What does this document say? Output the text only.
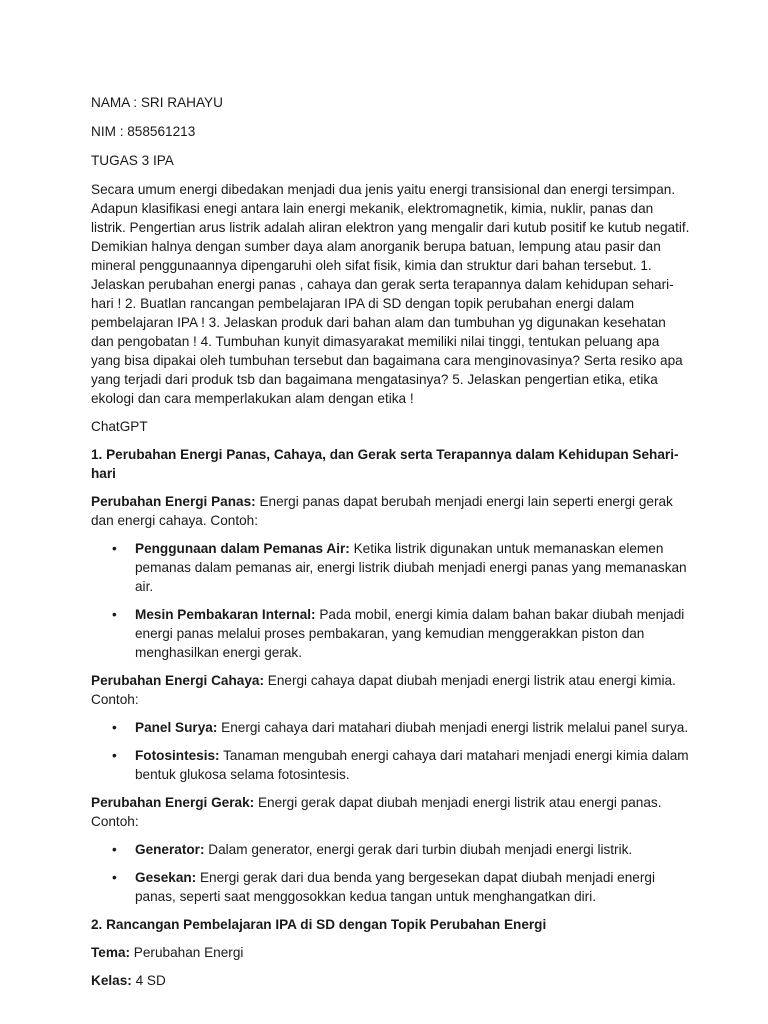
NAMA : SRI RAHAYU

NIM : 858561213

TUGAS 3 IPA

Secara umum energi dibedakan menjadi dua jenis yaitu energi transisional dan energi tersimpan. Adapun klasifikasi enegi antara lain energi mekanik, elektromagnetik, kimia, nuklir, panas dan listrik. Pengertian arus listrik adalah aliran elektron yang mengalir dari kutub positif ke kutub negatif. Demikian halnya dengan sumber daya alam anorganik berupa batuan, lempung atau pasir dan mineral penggunaannya dipengaruhi oleh sifat fisik, kimia dan struktur dari bahan tersebut. 1. Jelaskan perubahan energi panas , cahaya dan gerak serta terapannya dalam kehidupan sehari-hari ! 2. Buatlan rancangan pembelajaran IPA di SD dengan topik perubahan energi dalam pembelajaran IPA ! 3. Jelaskan produk dari bahan alam dan tumbuhan yg digunakan kesehatan dan pengobatan ! 4. Tumbuhan kunyit dimasyarakat memiliki nilai tinggi, tentukan peluang apa yang bisa dipakai oleh tumbuhan tersebut dan bagaimana cara menginovasinya? Serta resiko apa yang terjadi dari produk tsb dan bagaimana mengatasinya? 5. Jelaskan pengertian etika, etika ekologi dan cara memperlakukan alam dengan etika !

ChatGPT

1. Perubahan Energi Panas, Cahaya, dan Gerak serta Terapannya dalam Kehidupan Sehari-hari

Perubahan Energi Panas: Energi panas dapat berubah menjadi energi lain seperti energi gerak dan energi cahaya. Contoh:

• Penggunaan dalam Pemanas Air: Ketika listrik digunakan untuk memanaskan elemen pemanas dalam pemanas air, energi listrik diubah menjadi energi panas yang memanaskan air.
• Mesin Pembakaran Internal: Pada mobil, energi kimia dalam bahan bakar diubah menjadi energi panas melalui proses pembakaran, yang kemudian menggerakkan piston dan menghasilkan energi gerak.

Perubahan Energi Cahaya: Energi cahaya dapat diubah menjadi energi listrik atau energi kimia. Contoh:

• Panel Surya: Energi cahaya dari matahari diubah menjadi energi listrik melalui panel surya.
• Fotosintesis: Tanaman mengubah energi cahaya dari matahari menjadi energi kimia dalam bentuk glukosa selama fotosintesis.

Perubahan Energi Gerak: Energi gerak dapat diubah menjadi energi listrik atau energi panas. Contoh:

• Generator: Dalam generator, energi gerak dari turbin diubah menjadi energi listrik.
• Gesekan: Energi gerak dari dua benda yang bergesekan dapat diubah menjadi energi panas, seperti saat menggosokkan kedua tangan untuk menghangatkan diri.

2. Rancangan Pembelajaran IPA di SD dengan Topik Perubahan Energi

Tema: Perubahan Energi

Kelas: 4 SD
